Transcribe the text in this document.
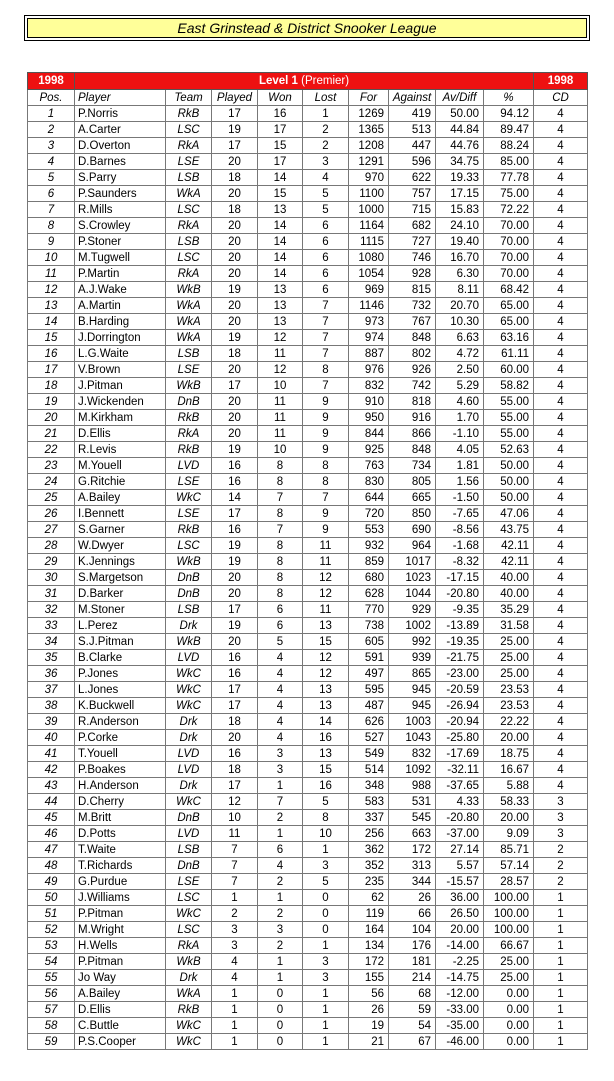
East Grinstead & District Snooker League
1998	Level 1 (Premier)									1998
Pos.	Player	Team	Played	Won	Lost	For	Against	Av/Diff	%	CD
1	P.Norris	RkB	17	16	1	1269	419	50.00	94.12	4
2	A.Carter	LSC	19	17	2	1365	513	44.84	89.47	4
3	D.Overton	RkA	17	15	2	1208	447	44.76	88.24	4
4	D.Barnes	LSE	20	17	3	1291	596	34.75	85.00	4
5	S.Parry	LSB	18	14	4	970	622	19.33	77.78	4
6	P.Saunders	WkA	20	15	5	1100	757	17.15	75.00	4
7	R.Mills	LSC	18	13	5	1000	715	15.83	72.22	4
8	S.Crowley	RkA	20	14	6	1164	682	24.10	70.00	4
9	P.Stoner	LSB	20	14	6	1115	727	19.40	70.00	4
10	M.Tugwell	LSC	20	14	6	1080	746	16.70	70.00	4
11	P.Martin	RkA	20	14	6	1054	928	6.30	70.00	4
12	A.J.Wake	WkB	19	13	6	969	815	8.11	68.42	4
13	A.Martin	WkA	20	13	7	1146	732	20.70	65.00	4
14	B.Harding	WkA	20	13	7	973	767	10.30	65.00	4
15	J.Dorrington	WkA	19	12	7	974	848	6.63	63.16	4
16	L.G.Waite	LSB	18	11	7	887	802	4.72	61.11	4
17	V.Brown	LSE	20	12	8	976	926	2.50	60.00	4
18	J.Pitman	WkB	17	10	7	832	742	5.29	58.82	4
19	J.Wickenden	DnB	20	11	9	910	818	4.60	55.00	4
20	M.Kirkham	RkB	20	11	9	950	916	1.70	55.00	4
21	D.Ellis	RkA	20	11	9	844	866	-1.10	55.00	4
22	R.Levis	RkB	19	10	9	925	848	4.05	52.63	4
23	M.Youell	LVD	16	8	8	763	734	1.81	50.00	4
24	G.Ritchie	LSE	16	8	8	830	805	1.56	50.00	4
25	A.Bailey	WkC	14	7	7	644	665	-1.50	50.00	4
26	I.Bennett	LSE	17	8	9	720	850	-7.65	47.06	4
27	S.Garner	RkB	16	7	9	553	690	-8.56	43.75	4
28	W.Dwyer	LSC	19	8	11	932	964	-1.68	42.11	4
29	K.Jennings	WkB	19	8	11	859	1017	-8.32	42.11	4
30	S.Margetson	DnB	20	8	12	680	1023	-17.15	40.00	4
31	D.Barker	DnB	20	8	12	628	1044	-20.80	40.00	4
32	M.Stoner	LSB	17	6	11	770	929	-9.35	35.29	4
33	L.Perez	Drk	19	6	13	738	1002	-13.89	31.58	4
34	S.J.Pitman	WkB	20	5	15	605	992	-19.35	25.00	4
35	B.Clarke	LVD	16	4	12	591	939	-21.75	25.00	4
36	P.Jones	WkC	16	4	12	497	865	-23.00	25.00	4
37	L.Jones	WkC	17	4	13	595	945	-20.59	23.53	4
38	K.Buckwell	WkC	17	4	13	487	945	-26.94	23.53	4
39	R.Anderson	Drk	18	4	14	626	1003	-20.94	22.22	4
40	P.Corke	Drk	20	4	16	527	1043	-25.80	20.00	4
41	T.Youell	LVD	16	3	13	549	832	-17.69	18.75	4
42	P.Boakes	LVD	18	3	15	514	1092	-32.11	16.67	4
43	H.Anderson	Drk	17	1	16	348	988	-37.65	5.88	4
44	D.Cherry	WkC	12	7	5	583	531	4.33	58.33	3
45	M.Britt	DnB	10	2	8	337	545	-20.80	20.00	3
46	D.Potts	LVD	11	1	10	256	663	-37.00	9.09	3
47	T.Waite	LSB	7	6	1	362	172	27.14	85.71	2
48	T.Richards	DnB	7	4	3	352	313	5.57	57.14	2
49	G.Purdue	LSE	7	2	5	235	344	-15.57	28.57	2
50	J.Williams	LSC	1	1	0	62	26	36.00	100.00	1
51	P.Pitman	WkC	2	2	0	119	66	26.50	100.00	1
52	M.Wright	LSC	3	3	0	164	104	20.00	100.00	1
53	H.Wells	RkA	3	2	1	134	176	-14.00	66.67	1
54	P.Pitman	WkB	4	1	3	172	181	-2.25	25.00	1
55	Jo Way	Drk	4	1	3	155	214	-14.75	25.00	1
56	A.Bailey	WkA	1	0	1	56	68	-12.00	0.00	1
57	D.Ellis	RkB	1	0	1	26	59	-33.00	0.00	1
58	C.Buttle	WkC	1	0	1	19	54	-35.00	0.00	1
59	P.S.Cooper	WkC	1	0	1	21	67	-46.00	0.00	1
